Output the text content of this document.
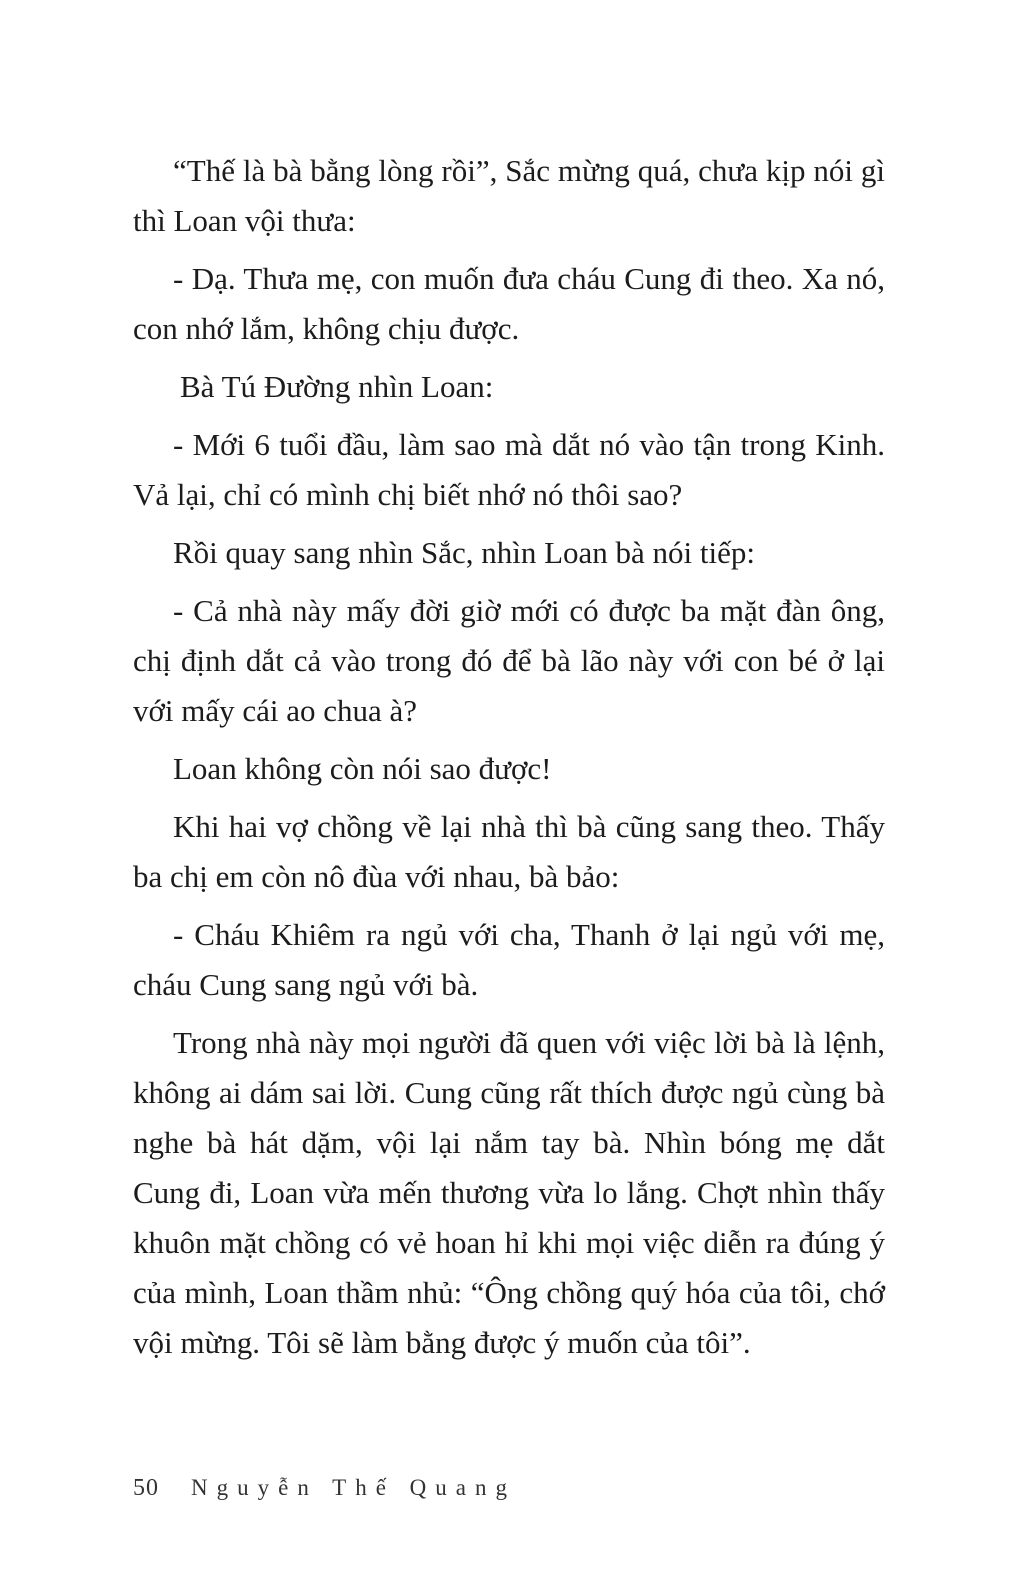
“Thế là bà bằng lòng rồi”, Sắc mừng quá, chưa kịp nói gì thì Loan vội thưa:

- Dạ. Thưa mẹ, con muốn đưa cháu Cung đi theo. Xa nó, con nhớ lắm, không chịu được.

Bà Tú Đường nhìn Loan:

- Mới 6 tuổi đầu, làm sao mà dắt nó vào tận trong Kinh. Vả lại, chỉ có mình chị biết nhớ nó thôi sao?

Rồi quay sang nhìn Sắc, nhìn Loan bà nói tiếp:

- Cả nhà này mấy đời giờ mới có được ba mặt đàn ông, chị định dắt cả vào trong đó để bà lão này với con bé ở lại với mấy cái ao chua à?

Loan không còn nói sao được!

Khi hai vợ chồng về lại nhà thì bà cũng sang theo. Thấy ba chị em còn nô đùa với nhau, bà bảo:

- Cháu Khiêm ra ngủ với cha, Thanh ở lại ngủ với mẹ, cháu Cung sang ngủ với bà.

Trong nhà này mọi người đã quen với việc lời bà là lệnh, không ai dám sai lời. Cung cũng rất thích được ngủ cùng bà nghe bà hát dặm, vội lại nắm tay bà. Nhìn bóng mẹ dắt Cung đi, Loan vừa mến thương vừa lo lắng. Chợt nhìn thấy khuôn mặt chồng có vẻ hoan hỉ khi mọi việc diễn ra đúng ý của mình, Loan thầm nhủ: “Ông chồng quý hóa của tôi, chớ vội mừng. Tôi sẽ làm bằng được ý muốn của tôi”.

50 Nguyễn Thế Quang
